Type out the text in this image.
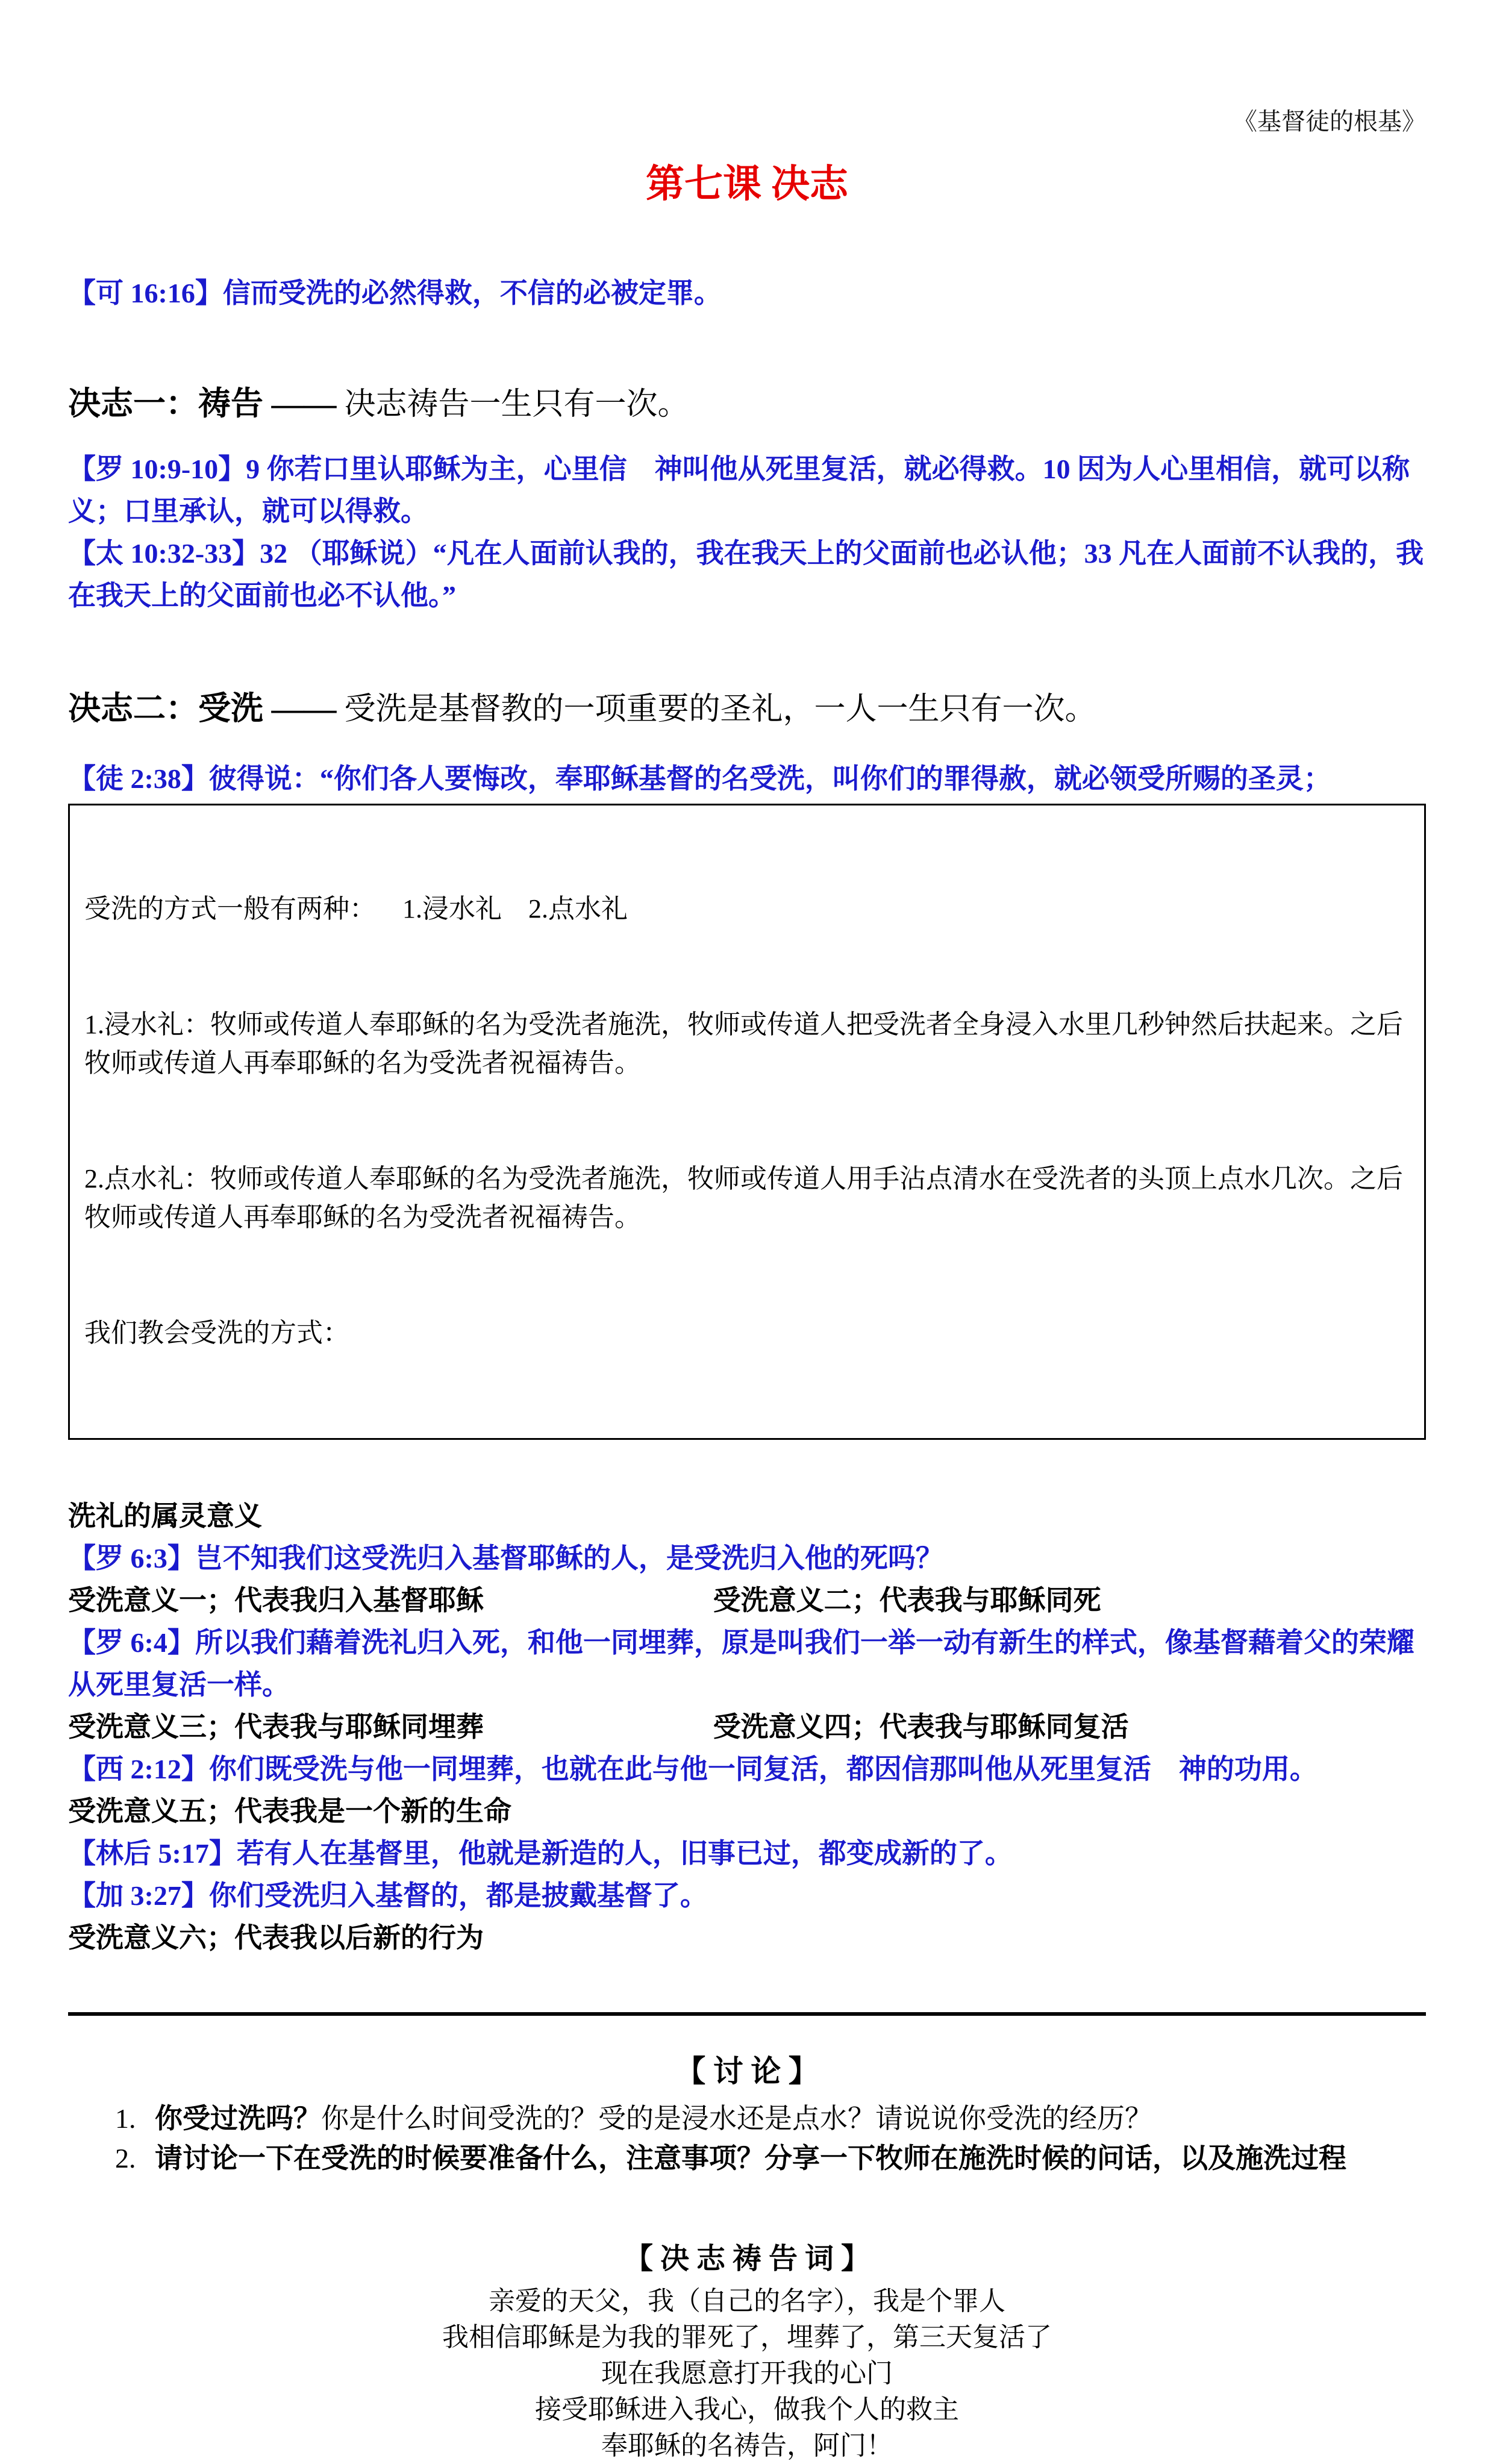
《基督徒的根基》
第七课 决志
【可 16:16】信而受洗的必然得救，不信的必被定罪。
决志一：祷告 —— 决志祷告一生只有一次。
【罗 10:9-10】9 你若口里认耶稣为主，心里信　神叫他从死里复活，就必得救。10 因为人心里相信，就可以称义；口里承认，就可以得救。
【太 10:32-33】32 （耶稣说）“凡在人面前认我的，我在我天上的父面前也必认他；33 凡在人面前不认我的，我在我天上的父面前也必不认他。”
决志二：受洗 —— 受洗是基督教的一项重要的圣礼，一人一生只有一次。
【徒 2:38】彼得说：“你们各人要悔改，奉耶稣基督的名受洗，叫你们的罪得赦，就必领受所赐的圣灵；

受洗的方式一般有两种：    1.浸水礼    2.点水礼

1.浸水礼：牧师或传道人奉耶稣的名为受洗者施洗，牧师或传道人把受洗者全身浸入水里几秒钟然后扶起来。之后牧师或传道人再奉耶稣的名为受洗者祝福祷告。

2.点水礼：牧师或传道人奉耶稣的名为受洗者施洗，牧师或传道人用手沾点清水在受洗者的头顶上点水几次。之后牧师或传道人再奉耶稣的名为受洗者祝福祷告。

我们教会受洗的方式：

洗礼的属灵意义
【罗 6:3】岂不知我们这受洗归入基督耶稣的人，是受洗归入他的死吗？
受洗意义一；代表我归入基督耶稣	受洗意义二；代表我与耶稣同死
【罗 6:4】所以我们藉着洗礼归入死，和他一同埋葬，原是叫我们一举一动有新生的样式，像基督藉着父的荣耀从死里复活一样。
受洗意义三；代表我与耶稣同埋葬	受洗意义四；代表我与耶稣同复活
【西 2:12】你们既受洗与他一同埋葬，也就在此与他一同复活，都因信那叫他从死里复活　神的功用。
受洗意义五；代表我是一个新的生命
【林后 5:17】若有人在基督里，他就是新造的人，旧事已过，都变成新的了。
【加 3:27】你们受洗归入基督的，都是披戴基督了。
受洗意义六；代表我以后新的行为
【 讨 论 】
1. 你受过洗吗？你是什么时间受洗的？受的是浸水还是点水？请说说你受洗的经历？
2. 请讨论一下在受洗的时候要准备什么，注意事项？分享一下牧师在施洗时候的问话，以及施洗过程
【 决 志 祷 告 词 】
亲爱的天父，我（自己的名字），我是个罪人
我相信耶稣是为我的罪死了，埋葬了，第三天复活了
现在我愿意打开我的心门
接受耶稣进入我心，做我个人的救主
奉耶稣的名祷告，阿门！
